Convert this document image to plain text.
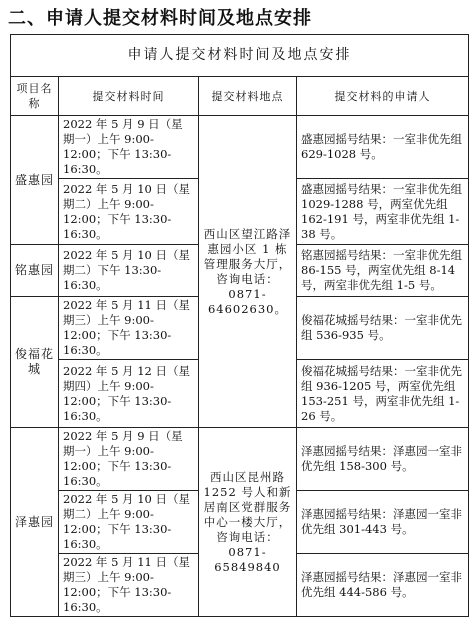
二、申请人提交材料时间及地点安排
申请人提交材料时间及地点安排			
项目名称	提交材料时间	提交材料地点	提交材料的申请人
盛惠园	2022 年 5 月 9 日（星期一）上午 9:00-12:00；下午 13:30-16:30。	西山区望江路泽惠园小区 1 栋管理服务大厅，咨询电话：0871-64602630。	盛惠园摇号结果：一室非优先组 629-1028 号。
	2022 年 5 月 10 日（星期二）上午 9:00-12:00；下午 13:30-16:30。		盛惠园摇号结果：一室非优先组 1029-1288 号，两室优先组 162-191 号，两室非优先组 1-38 号。
铭惠园	2022 年 5 月 10 日（星期二）下午 13:30-16:30。		铭惠园摇号结果：一室非优先组 86-155 号，两室优先组 8-14 号，两室非优先组 1-5 号。
俊福花城	2022 年 5 月 11 日（星期三）上午 9:00-12:00；下午 13:30-16:30。		俊福花城摇号结果：一室非优先组 536-935 号。
	2022 年 5 月 12 日（星期四）上午 9:00-12:00；下午 13:30-16:30。		俊福花城摇号结果：一室非优先组 936-1205 号，两室优先组 153-251 号，两室非优先组 1-26 号。
泽惠园	2022 年 5 月 9 日（星期一）上午 9:00-12:00；下午 13:30-16:30。	西山区昆州路 1252 号人和新居南区党群服务中心一楼大厅，咨询电话：0871-65849840	泽惠园摇号结果：泽惠园一室非优先组 158-300 号。
	2022 年 5 月 10 日（星期二）上午 9:00-12:00；下午 13:30-16:30。		泽惠园摇号结果：泽惠园一室非优先组 301-443 号。
	2022 年 5 月 11 日（星期三）上午 9:00-12:00；下午 13:30-16:30。		泽惠园摇号结果：泽惠园一室非优先组 444-586 号。
